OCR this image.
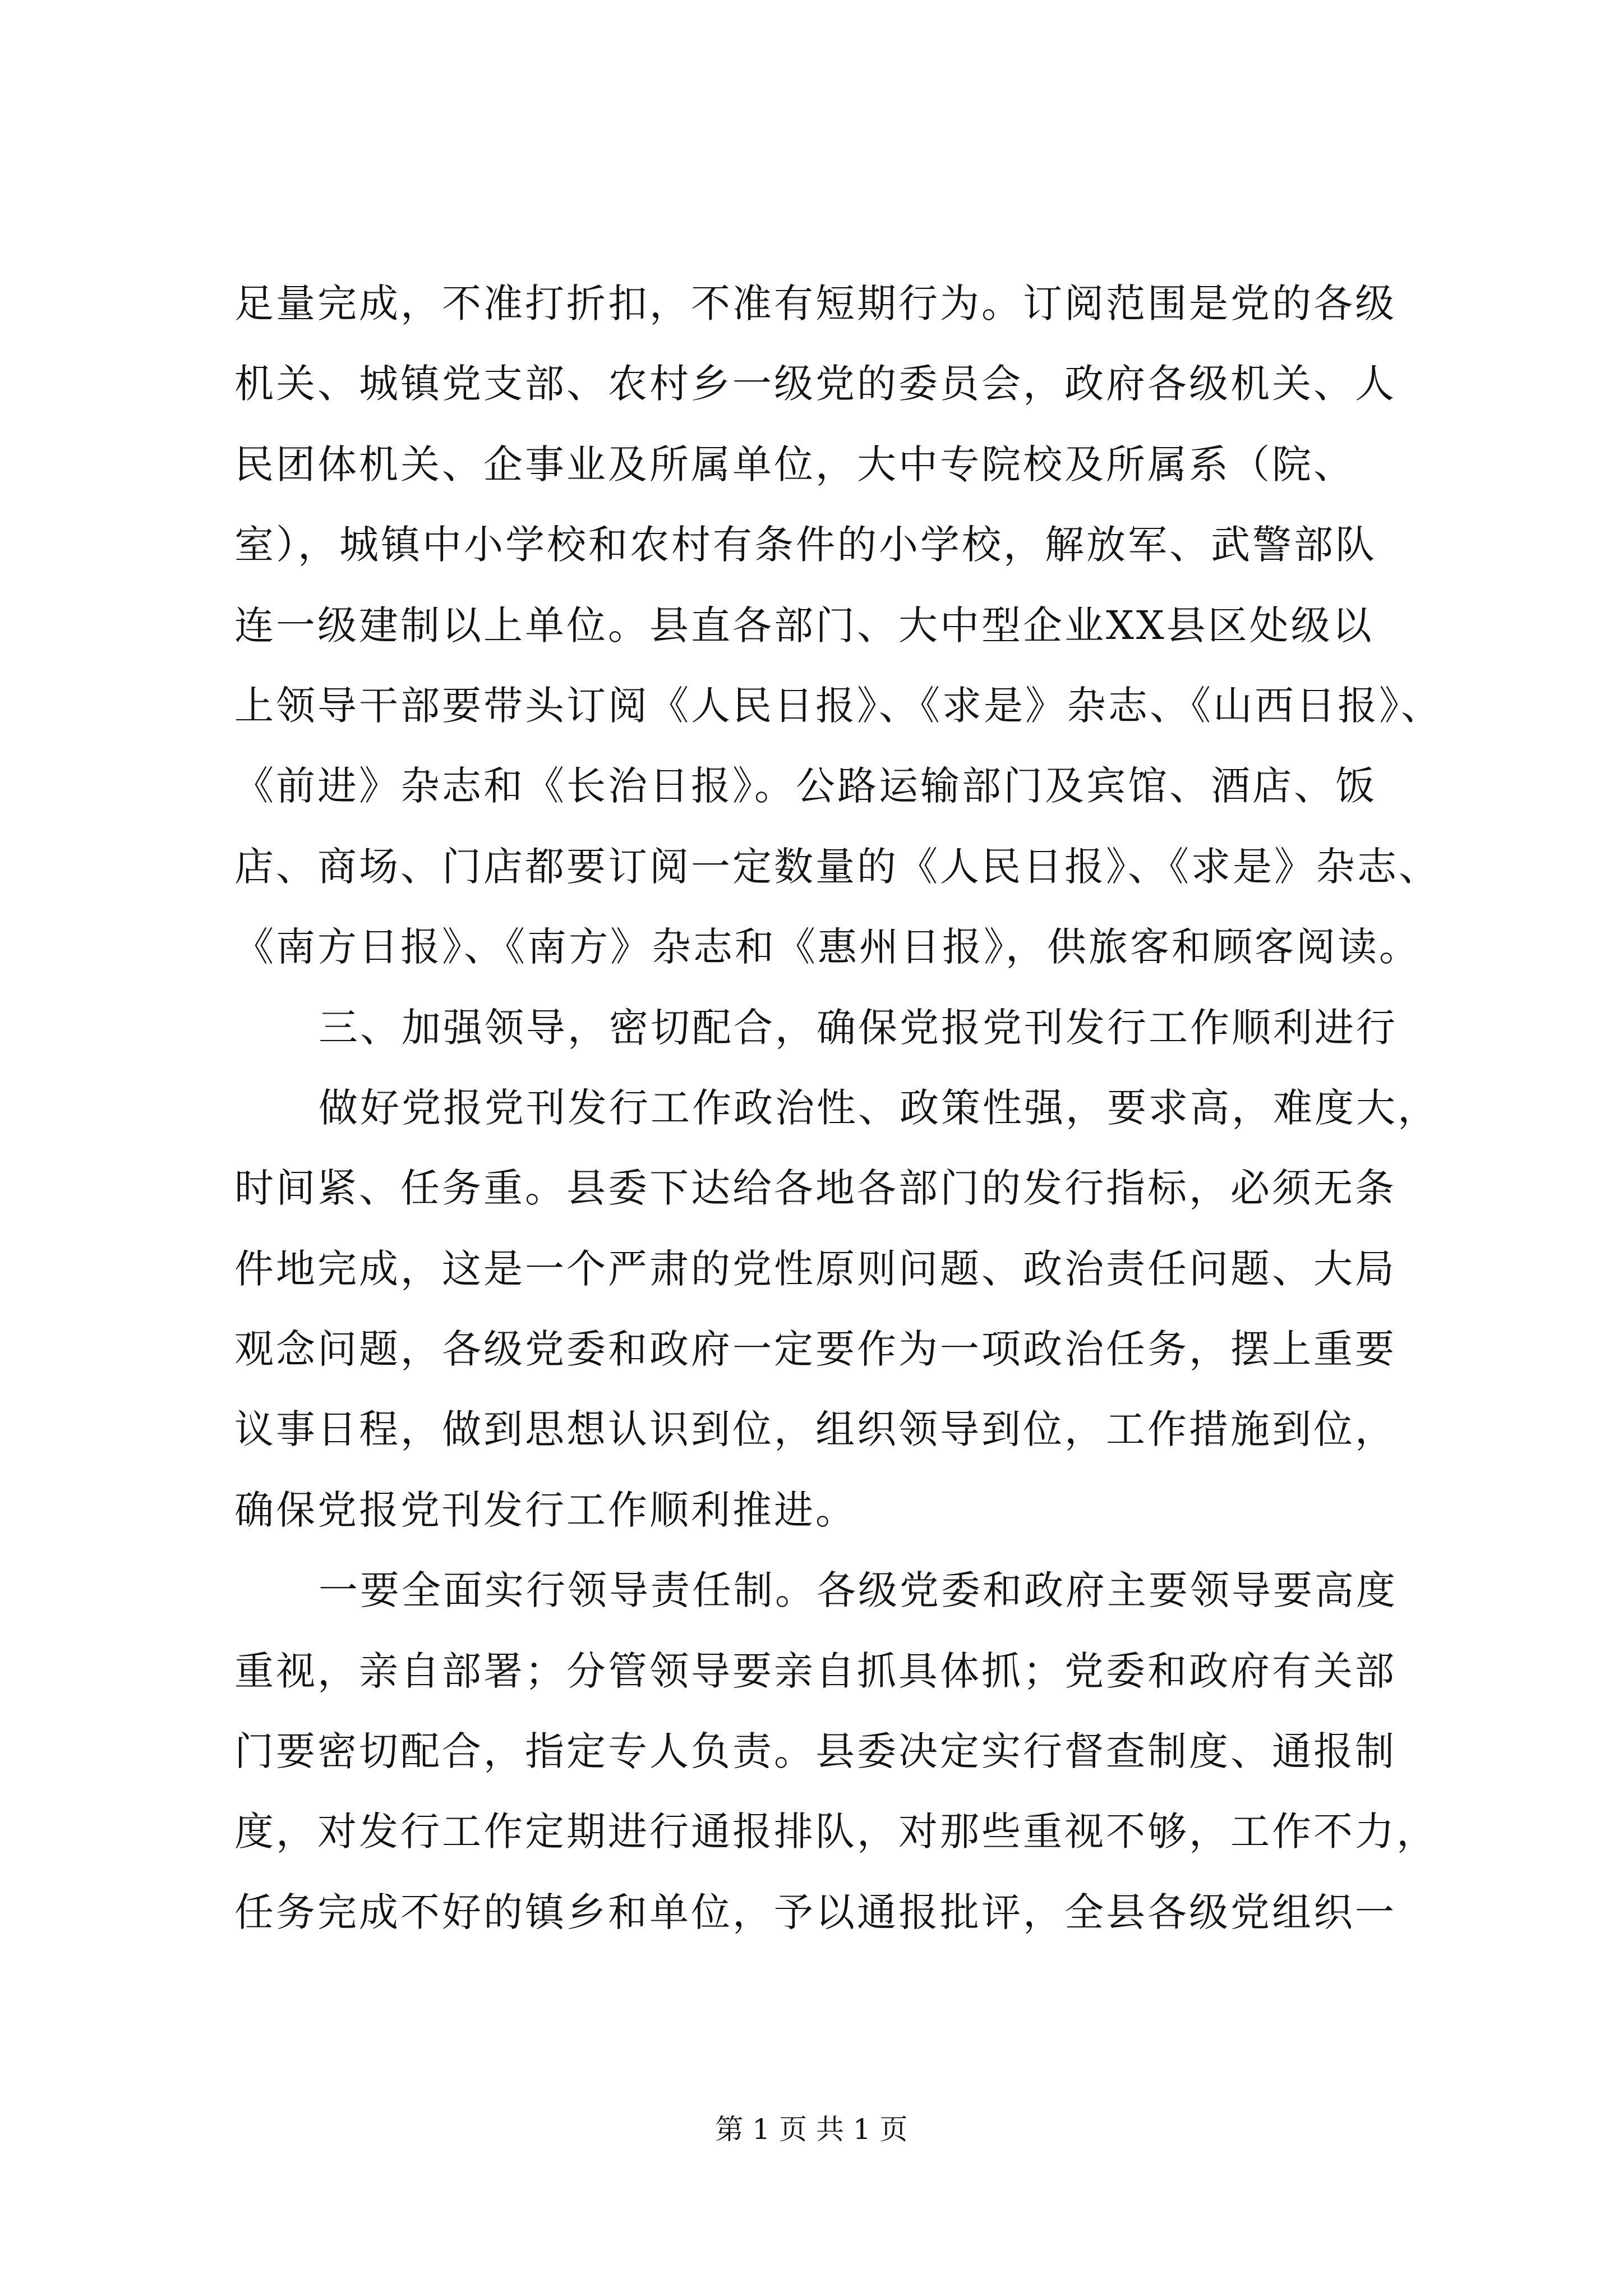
足量完成，不准打折扣，不准有短期行为。订阅范围是党的各级
机关、城镇党支部、农村乡一级党的委员会，政府各级机关、人
民团体机关、企事业及所属单位，大中专院校及所属系（院、
室），城镇中小学校和农村有条件的小学校，解放军、武警部队
连一级建制以上单位。县直各部门、大中型企业XX县区处级以
上领导干部要带头订阅《人民日报》、《求是》杂志、《山西日报》、
《前进》杂志和《长治日报》。公路运输部门及宾馆、酒店、饭
店、商场、门店都要订阅一定数量的《人民日报》、《求是》杂志、
《南方日报》、《南方》杂志和《惠州日报》，供旅客和顾客阅读。
三、加强领导，密切配合，确保党报党刊发行工作顺利进行
做好党报党刊发行工作政治性、政策性强，要求高，难度大，
时间紧、任务重。县委下达给各地各部门的发行指标，必须无条
件地完成，这是一个严肃的党性原则问题、政治责任问题、大局
观念问题，各级党委和政府一定要作为一项政治任务，摆上重要
议事日程，做到思想认识到位，组织领导到位，工作措施到位，
确保党报党刊发行工作顺利推进。
一要全面实行领导责任制。各级党委和政府主要领导要高度
重视，亲自部署；分管领导要亲自抓具体抓；党委和政府有关部
门要密切配合，指定专人负责。县委决定实行督查制度、通报制
度，对发行工作定期进行通报排队，对那些重视不够，工作不力，
任务完成不好的镇乡和单位，予以通报批评，全县各级党组织一
第 1 页 共 1 页
